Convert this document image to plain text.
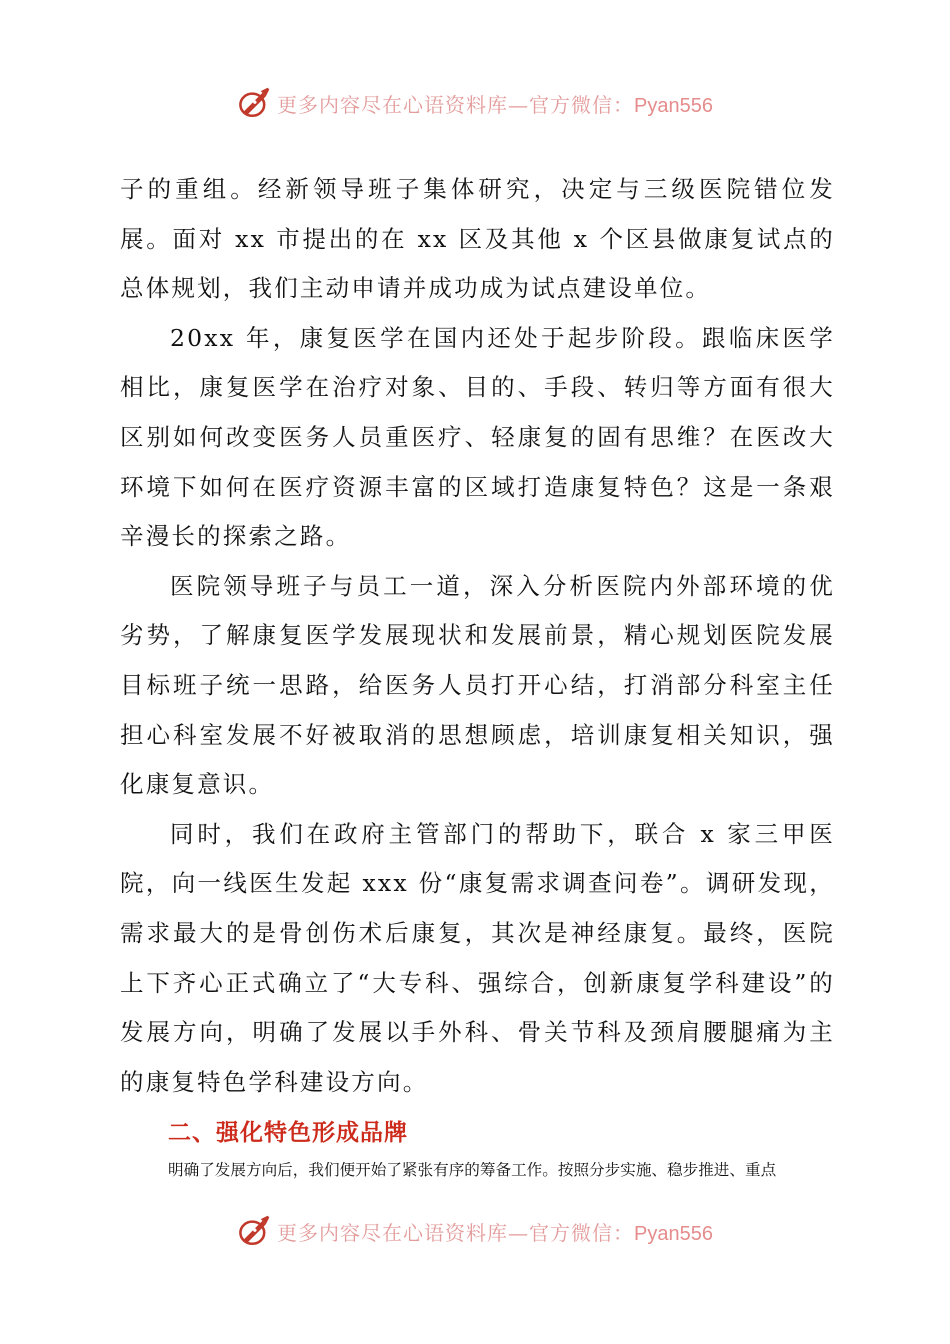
更多内容尽在心语资料库—官方微信：Pyan556

子的重组。经新领导班子集体研究，决定与三级医院错位发展。面对 xx 市提出的在 xx 区及其他 x 个区县做康复试点的总体规划，我们主动申请并成功成为试点建设单位。

20xx 年，康复医学在国内还处于起步阶段。跟临床医学相比，康复医学在治疗对象、目的、手段、转归等方面有很大区别如何改变医务人员重医疗、轻康复的固有思维？在医改大环境下如何在医疗资源丰富的区域打造康复特色？这是一条艰辛漫长的探索之路。

医院领导班子与员工一道，深入分析医院内外部环境的优劣势，了解康复医学发展现状和发展前景，精心规划医院发展目标班子统一思路，给医务人员打开心结，打消部分科室主任担心科室发展不好被取消的思想顾虑，培训康复相关知识，强化康复意识。

同时，我们在政府主管部门的帮助下，联合 x 家三甲医院，向一线医生发起 xxx 份“康复需求调查问卷”。调研发现，需求最大的是骨创伤术后康复，其次是神经康复。最终，医院上下齐心正式确立了“大专科、强综合，创新康复学科建设”的发展方向，明确了发展以手外科、骨关节科及颈肩腰腿痛为主的康复特色学科建设方向。

二、强化特色形成品牌

明确了发展方向后，我们便开始了紧张有序的筹备工作。按照分步实施、稳步推进、重点

更多内容尽在心语资料库—官方微信：Pyan556
